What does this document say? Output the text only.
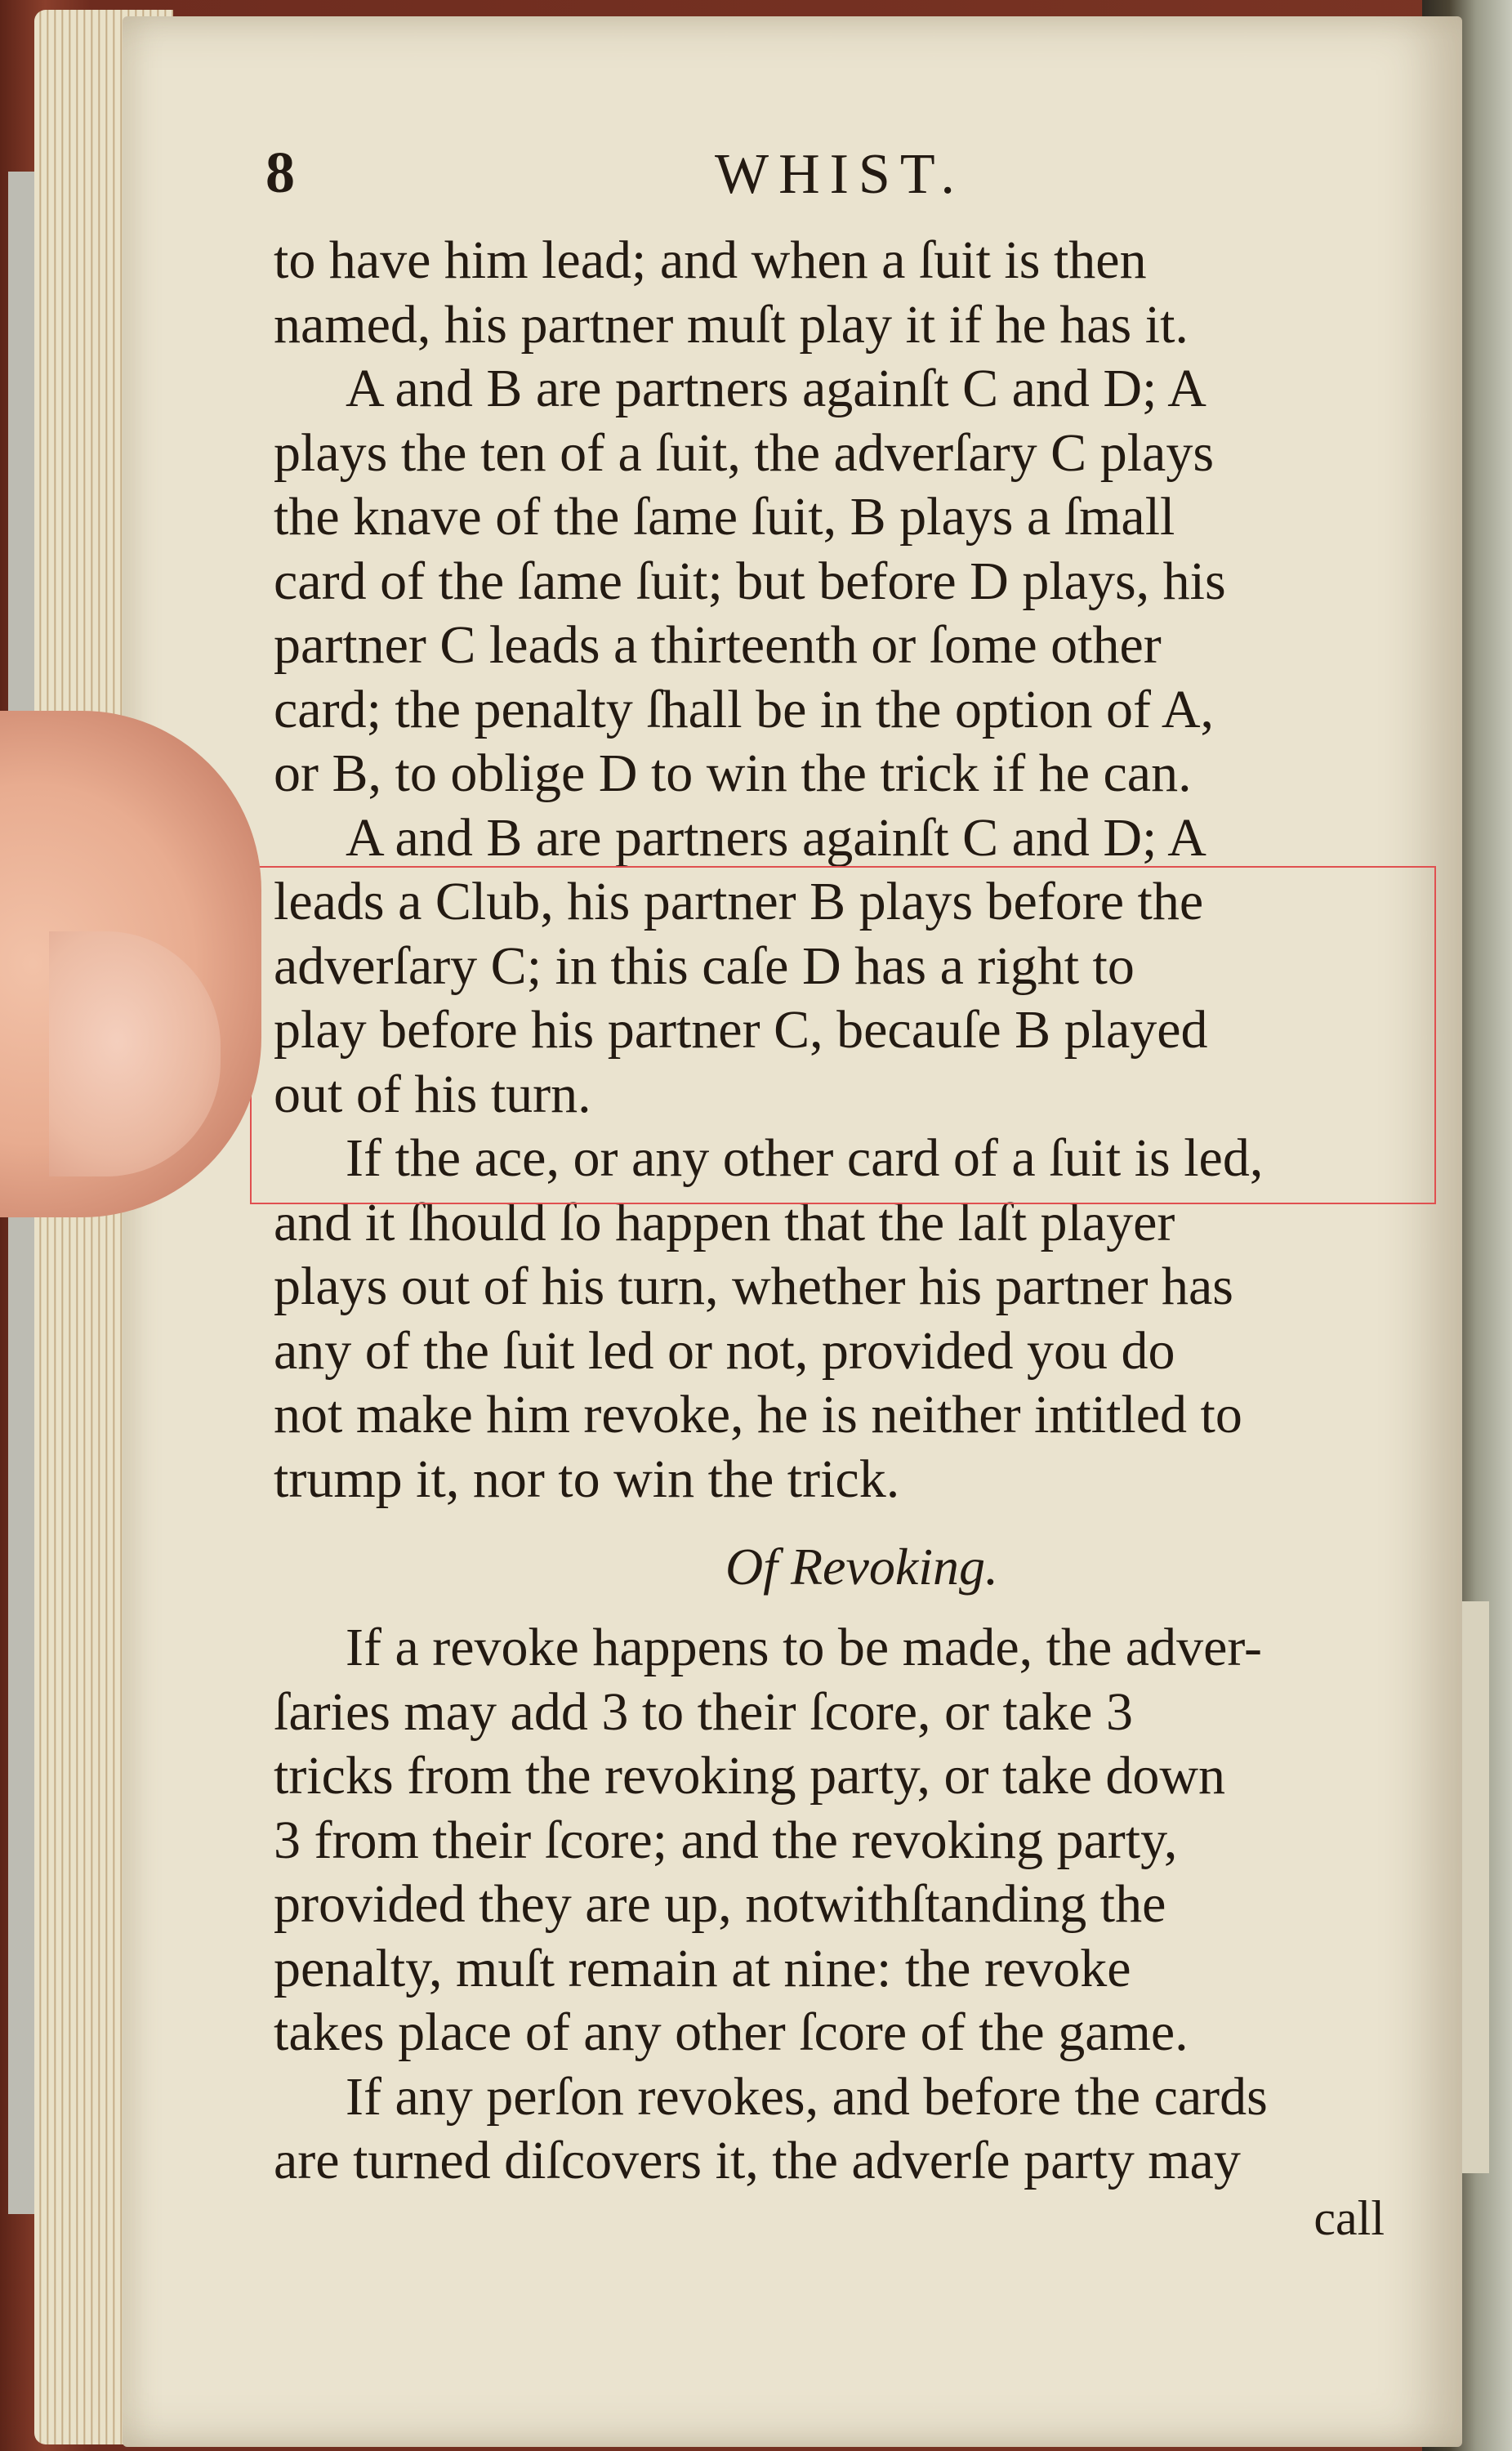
8	WHIST.

to have him lead; and when a ſuit is then
named, his partner muſt play it if he has it.

A and B are partners againſt C and D; A
plays the ten of a ſuit, the adverſary C plays
the knave of the ſame ſuit, B plays a ſmall
card of the ſame ſuit; but before D plays, his
partner C leads a thirteenth or ſome other
card; the penalty ſhall be in the option of A,
or B, to oblige D to win the trick if he can.

A and B are partners againſt C and D; A
leads a Club, his partner B plays before the
adverſary C; in this caſe D has a right to
play before his partner C, becauſe B played
out of his turn.

If the ace, or any other card of a ſuit is led,
and it ſhould ſo happen that the laſt player
plays out of his turn, whether his partner has
any of the ſuit led or not, provided you do
not make him revoke, he is neither intitled to
trump it, nor to win the trick.

Of Revoking.

If a revoke happens to be made, the adver-
ſaries may add 3 to their ſcore, or take 3
tricks from the revoking party, or take down
3 from their ſcore; and the revoking party,
provided they are up, notwithſtanding the
penalty, muſt remain at nine: the revoke
takes place of any other ſcore of the game.

If any perſon revokes, and before the cards
are turned diſcovers it, the adverſe party may

call
